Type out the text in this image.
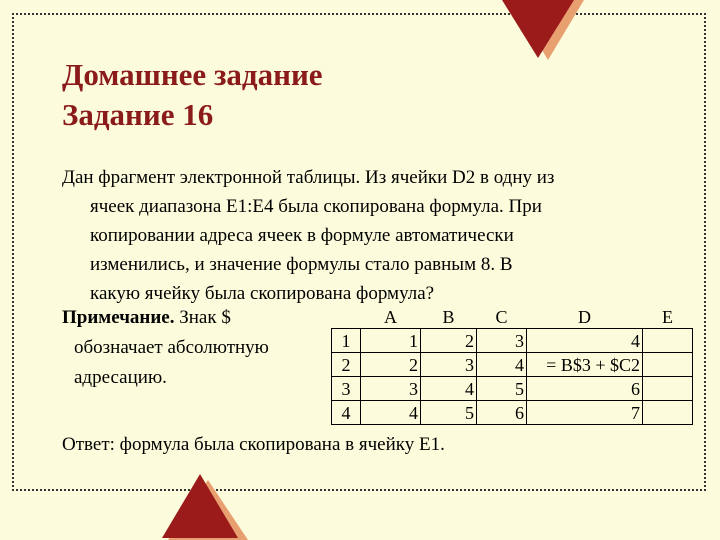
Домашнее задание
Задание 16

Дан фрагмент электронной таблицы. Из ячейки D2 в одну из
ячеек диапазона E1:E4 была скопирована формула. При
копировании адреса ячеек в формуле автоматически
изменились, и значение формулы стало равным 8. В
какую ячейку была скопирована формула?

Примечание. Знак $
обозначает абсолютную
адресацию.

	A	B	C	D	E
1	1	2	3	4	
2	2	3	4	= B$3 + $C2	
3	3	4	5	6	
4	4	5	6	7	

Ответ: формула была скопирована в ячейку E1.
